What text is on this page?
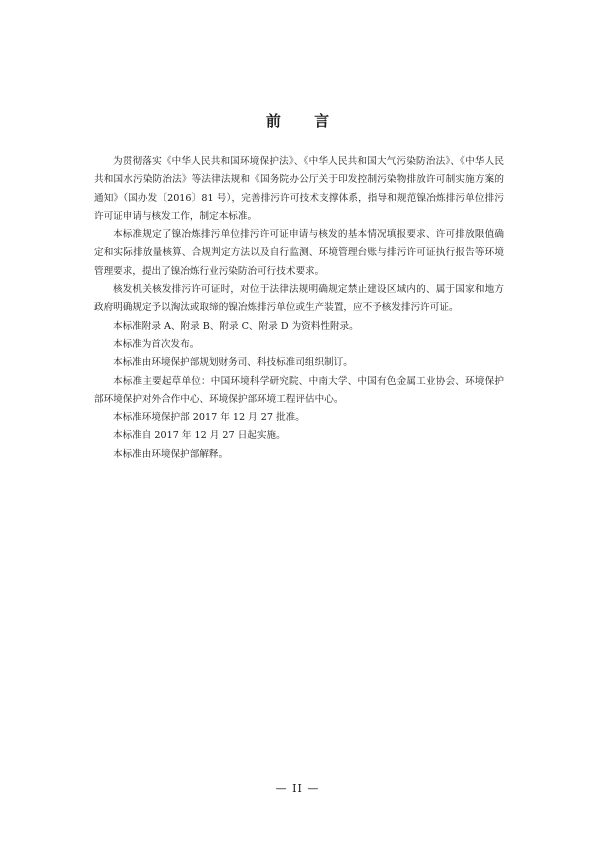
前 言

为贯彻落实《中华人民共和国环境保护法》、《中华人民共和国大气污染防治法》、《中华人民共和国水污染防治法》等法律法规和《国务院办公厅关于印发控制污染物排放许可制实施方案的通知》（国办发〔2016〕81 号），完善排污许可技术支撑体系，指导和规范镍冶炼排污单位排污许可证申请与核发工作，制定本标准。

本标准规定了镍冶炼排污单位排污许可证申请与核发的基本情况填报要求、许可排放限值确定和实际排放量核算、合规判定方法以及自行监测、环境管理台账与排污许可证执行报告等环境管理要求，提出了镍冶炼行业污染防治可行技术要求。

核发机关核发排污许可证时，对位于法律法规明确规定禁止建设区域内的、属于国家和地方政府明确规定予以淘汰或取缔的镍冶炼排污单位或生产装置，应不予核发排污许可证。

本标准附录 A、附录 B、附录 C、附录 D 为资料性附录。

本标准为首次发布。

本标准由环境保护部规划财务司、科技标准司组织制订。

本标准主要起草单位：中国环境科学研究院、中南大学、中国有色金属工业协会、环境保护部环境保护对外合作中心、环境保护部环境工程评估中心。

本标准环境保护部 2017 年 12 月 27 批准。

本标准自 2017 年 12 月 27 日起实施。

本标准由环境保护部解释。

— II —
